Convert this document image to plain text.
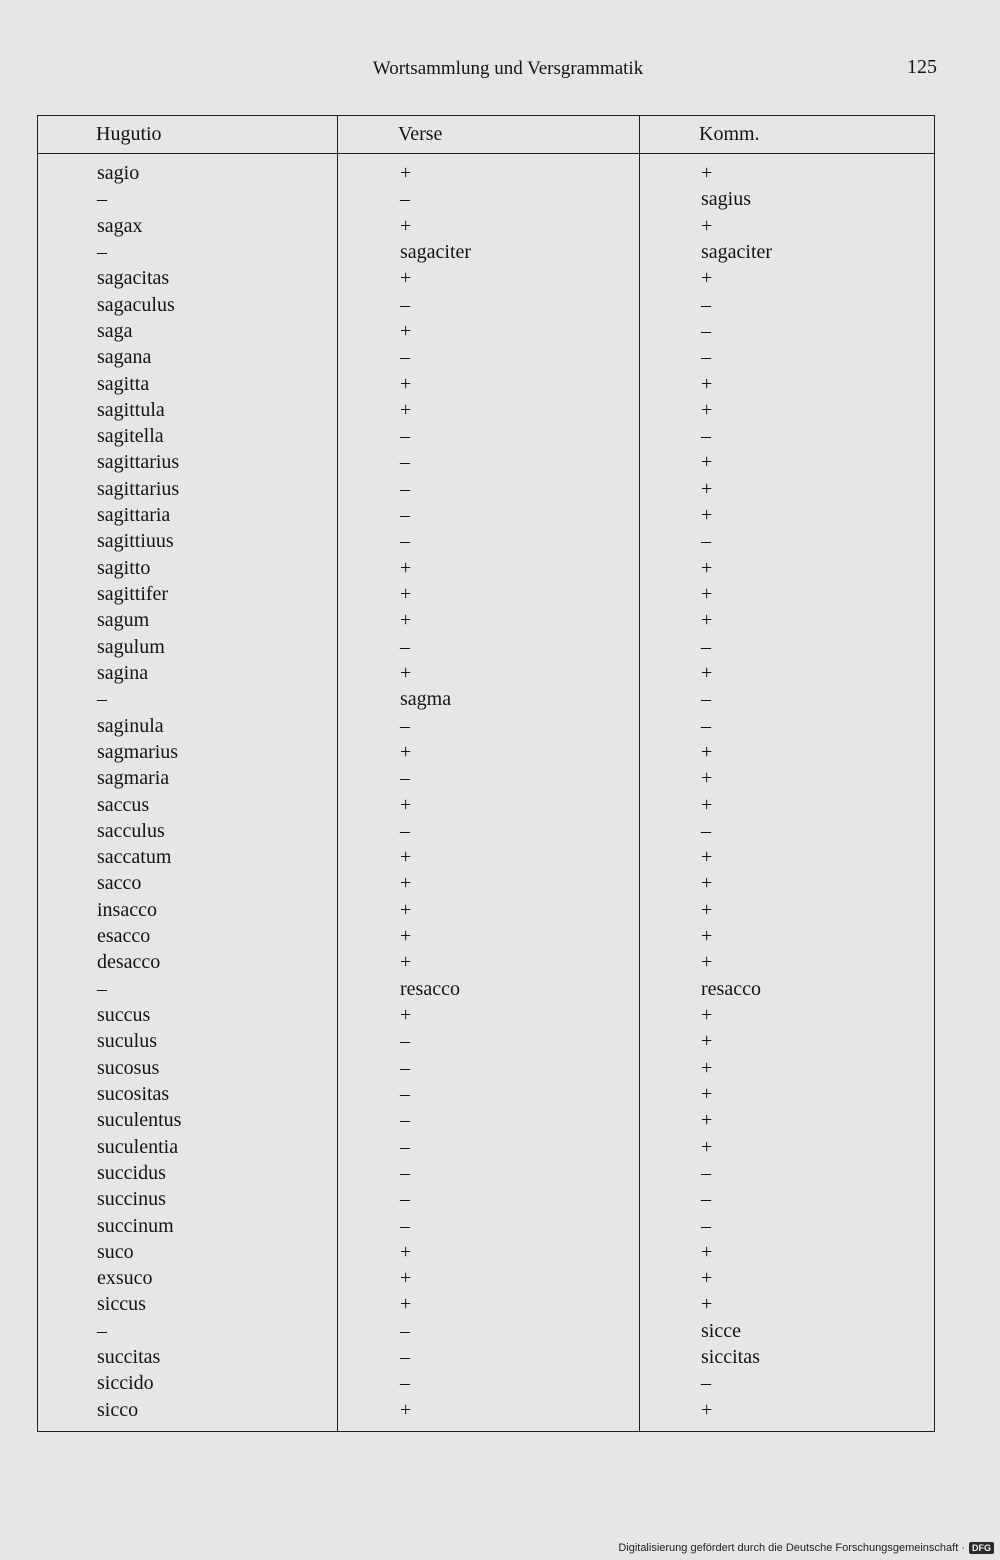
Wortsammlung und Versgrammatik	125
Hugutio	Verse	Komm.
sagio	+	+
–	–	sagius
sagax	+	+
–	sagaciter	sagaciter
sagacitas	+	+
sagaculus	–	–
saga	+	–
sagana	–	–
sagitta	+	+
sagittula	+	+
sagitella	–	–
sagittarius	–	+
sagittarius	–	+
sagittaria	–	+
sagittiuus	–	–
sagitto	+	+
sagittifer	+	+
sagum	+	+
sagulum	–	–
sagina	+	+
–	sagma	–
saginula	–	–
sagmarius	+	+
sagmaria	–	+
saccus	+	+
sacculus	–	–
saccatum	+	+
sacco	+	+
insacco	+	+
esacco	+	+
desacco	+	+
–	resacco	resacco
succus	+	+
suculus	–	+
sucosus	–	+
sucositas	–	+
suculentus	–	+
suculentia	–	+
succidus	–	–
succinus	–	–
succinum	–	–
suco	+	+
exsuco	+	+
siccus	+	+
–	–	sicce
succitas	–	siccitas
siccido	–	–
sicco	+	+
Digitalisierung gefördert durch die Deutsche Forschungsgemeinschaft · DFG
